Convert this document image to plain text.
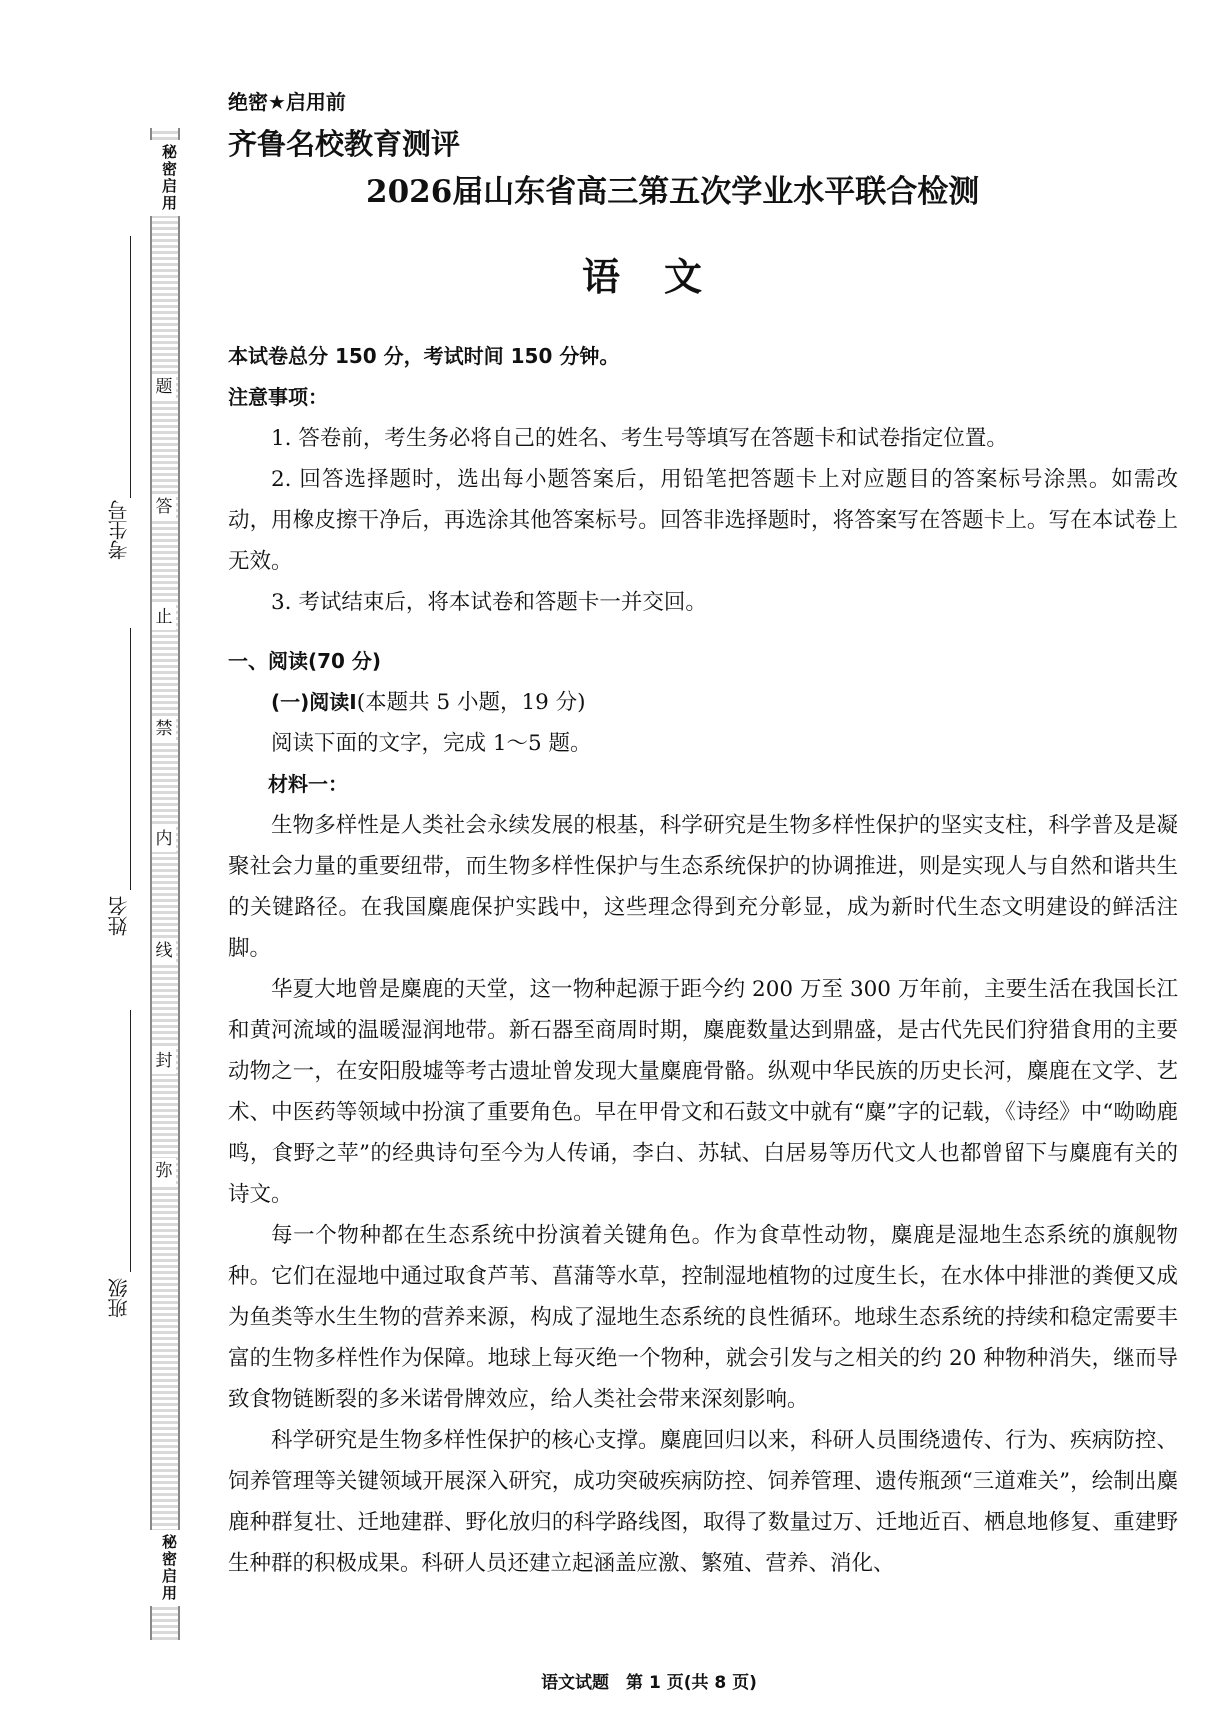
秘密启用
秘密启用
题
答
止
禁
内
线
封
弥
考生号
姓名
班级
绝密★启用前
齐鲁名校教育测评
2026届山东省高三第五次学业水平联合检测
语文
本试卷总分 150 分，考试时间 150 分钟。
注意事项：

1. 答卷前，考生务必将自己的姓名、考生号等填写在答题卡和试卷指定位置。

2. 回答选择题时，选出每小题答案后，用铅笔把答题卡上对应题目的答案标号涂黑。如需改动，用橡皮擦干净后，再选涂其他答案标号。回答非选择题时，将答案写在答题卡上。写在本试卷上无效。

3. 考试结束后，将本试卷和答题卡一并交回。

一、阅读(70 分)
(一)阅读Ⅰ(本题共 5 小题，19 分)

阅读下面的文字，完成 1～5 题。

材料一：

生物多样性是人类社会永续发展的根基，科学研究是生物多样性保护的坚实支柱，科学普及是凝聚社会力量的重要纽带，而生物多样性保护与生态系统保护的协调推进，则是实现人与自然和谐共生的关键路径。在我国麋鹿保护实践中，这些理念得到充分彰显，成为新时代生态文明建设的鲜活注脚。

华夏大地曾是麋鹿的天堂，这一物种起源于距今约 200 万至 300 万年前，主要生活在我国长江和黄河流域的温暖湿润地带。新石器至商周时期，麋鹿数量达到鼎盛，是古代先民们狩猎食用的主要动物之一，在安阳殷墟等考古遗址曾发现大量麋鹿骨骼。纵观中华民族的历史长河，麋鹿在文学、艺术、中医药等领域中扮演了重要角色。早在甲骨文和石鼓文中就有“麋”字的记载，《诗经》中“呦呦鹿鸣，食野之苹”的经典诗句至今为人传诵，李白、苏轼、白居易等历代文人也都曾留下与麋鹿有关的诗文。

每一个物种都在生态系统中扮演着关键角色。作为食草性动物，麋鹿是湿地生态系统的旗舰物种。它们在湿地中通过取食芦苇、菖蒲等水草，控制湿地植物的过度生长，在水体中排泄的粪便又成为鱼类等水生生物的营养来源，构成了湿地生态系统的良性循环。地球生态系统的持续和稳定需要丰富的生物多样性作为保障。地球上每灭绝一个物种，就会引发与之相关的约 20 种物种消失，继而导致食物链断裂的多米诺骨牌效应，给人类社会带来深刻影响。

科学研究是生物多样性保护的核心支撑。麋鹿回归以来，科研人员围绕遗传、行为、疾病防控、饲养管理等关键领域开展深入研究，成功突破疾病防控、饲养管理、遗传瓶颈“三道难关”，绘制出麋鹿种群复壮、迁地建群、野化放归的科学路线图，取得了数量过万、迁地近百、栖息地修复、重建野生种群的积极成果。科研人员还建立起涵盖应激、繁殖、营养、消化、

语文试题　第 1 页(共 8 页)
